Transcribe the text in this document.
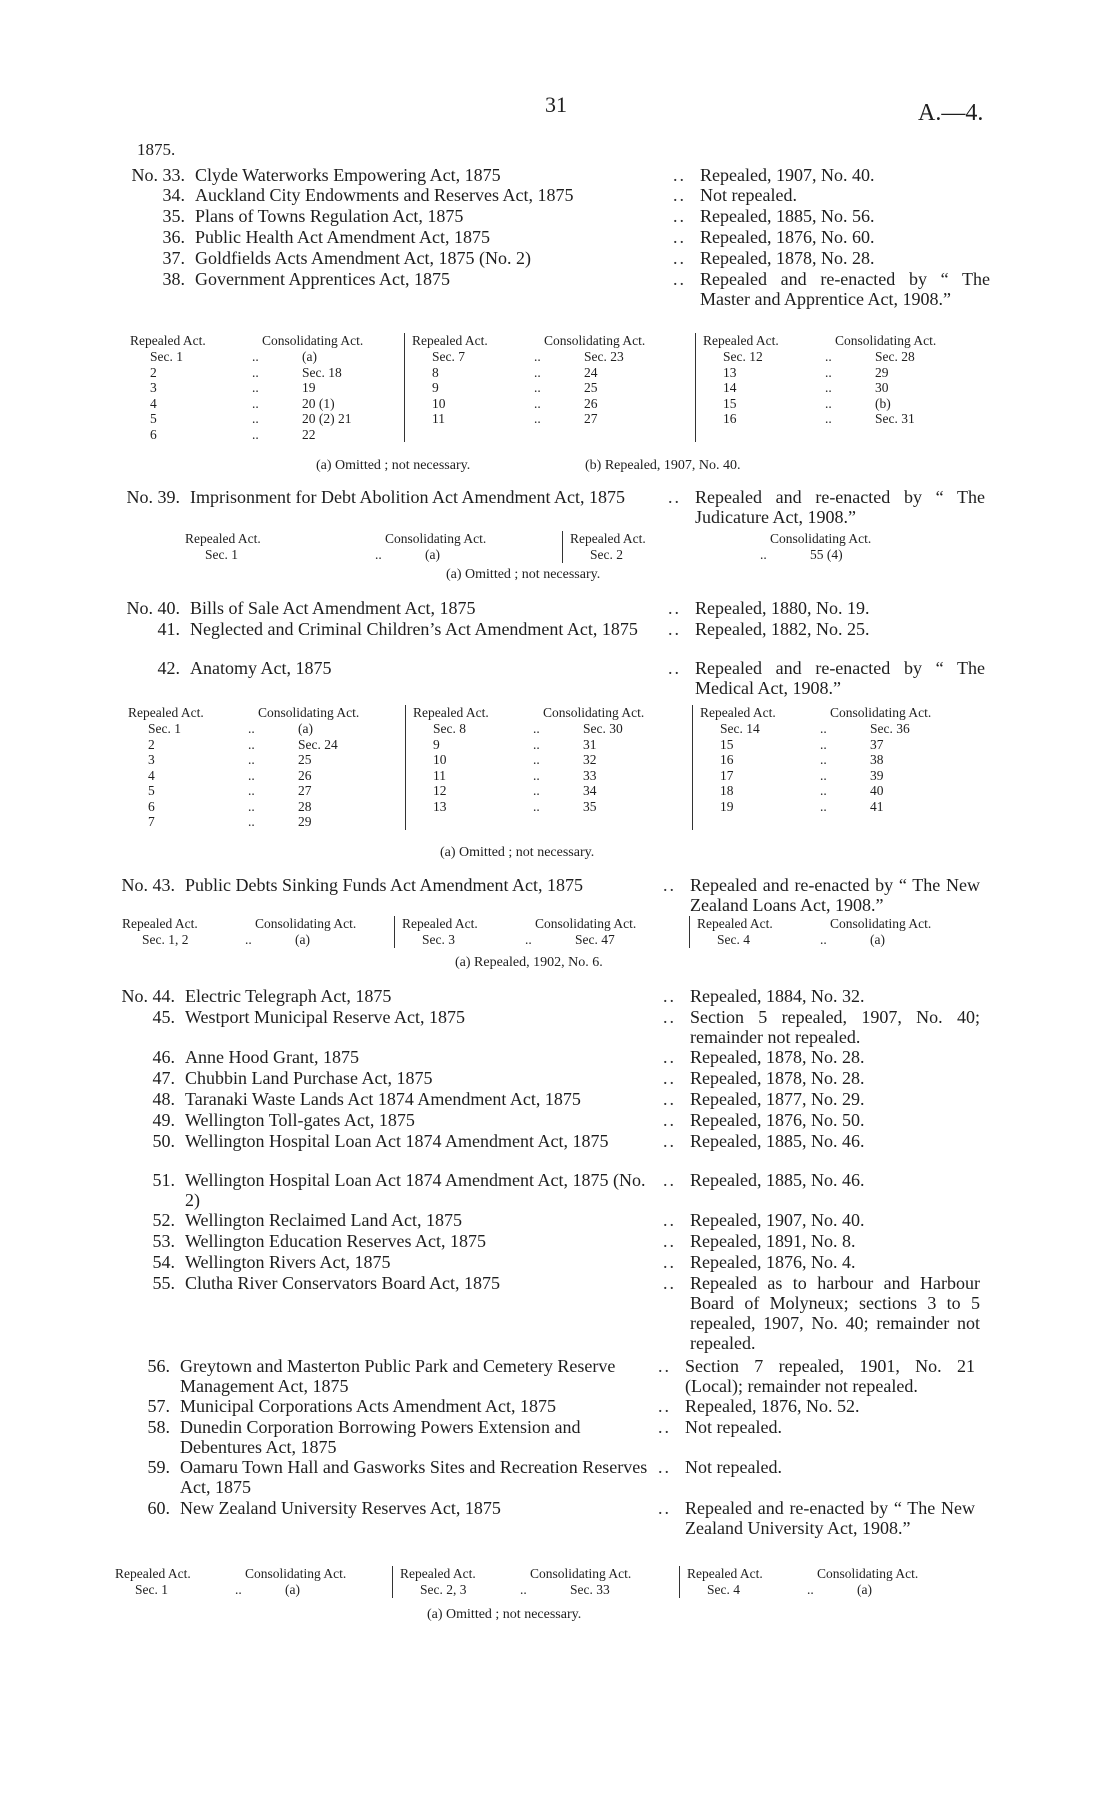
31	A.—4.
1875.
No. 33. Clyde Waterworks Empowering Act, 1875	.. Repealed, 1907, No. 40.
34. Auckland City Endowments and Reserves Act, 1875	.. Not repealed.
35. Plans of Towns Regulation Act, 1875	.. Repealed, 1885, No. 56.
36. Public Health Act Amendment Act, 1875	.. Repealed, 1876, No. 60.
37. Goldfields Acts Amendment Act, 1875 (No. 2)	.. Repealed, 1878, No. 28.
38. Government Apprentices Act, 1875	.. Repealed and re-enacted by “ The Master and Apprentice Act, 1908.”
No. 39. Imprisonment for Debt Abolition Act Amendment Act, 1875	.. Repealed and re-enacted by “ The Judicature Act, 1908.”
No. 40. Bills of Sale Act Amendment Act, 1875	.. Repealed, 1880, No. 19.
41. Neglected and Criminal Children’s Act Amendment Act, 1875	.. Repealed, 1882, No. 25.
42. Anatomy Act, 1875	.. Repealed and re-enacted by “ The Medical Act, 1908.”
No. 43. Public Debts Sinking Funds Act Amendment Act, 1875	.. Repealed and re-enacted by “ The New Zealand Loans Act, 1908.”
No. 44. Electric Telegraph Act, 1875	.. Repealed, 1884, No. 32.
45. Westport Municipal Reserve Act, 1875	.. Section 5 repealed, 1907, No. 40; remainder not repealed.
46. Anne Hood Grant, 1875	.. Repealed, 1878, No. 28.
47. Chubbin Land Purchase Act, 1875	.. Repealed, 1878, No. 28.
48. Taranaki Waste Lands Act 1874 Amendment Act, 1875	.. Repealed, 1877, No. 29.
49. Wellington Toll-gates Act, 1875	.. Repealed, 1876, No. 50.
50. Wellington Hospital Loan Act 1874 Amendment Act, 1875	.. Repealed, 1885, No. 46.
51. Wellington Hospital Loan Act 1874 Amendment Act, 1875 (No. 2)
.. Repealed, 1885, No. 46.
52. Wellington Reclaimed Land Act, 1875	.. Repealed, 1907, No. 40.
53. Wellington Education Reserves Act, 1875	.. Repealed, 1891, No. 8.
54. Wellington Rivers Act, 1875	.. Repealed, 1876, No. 4.
55. Clutha River Conservators Board Act, 1875	.. Repealed as to harbour and Harbour Board of Molyneux; sections 3 to 5 repealed, 1907, No. 40; remainder not repealed.
56. Greytown and Masterton Public Park and Cemetery Reserve Management Act, 1875
.. Section 7 repealed, 1901, No. 21 (Local); remainder not repealed.
57. Municipal Corporations Acts Amendment Act, 1875	.. Repealed, 1876, No. 52.
58. Dunedin Corporation Borrowing Powers Extension and Debentures Act, 1875
.. Not repealed.
59. Oamaru Town Hall and Gasworks Sites and Recreation Reserves Act, 1875
.. Not repealed.
60. New Zealand University Reserves Act, 1875	.. Repealed and re-enacted by “ The New Zealand University Act, 1908.”
Repealed Act.	Consolidating Act.
Sec. 1	..	(a)
2	..	Sec. 18
3	..	19
4	..	20 (1)
5	..	20 (2) 21
6	..	22
Repealed Act.	Consolidating Act.
Sec. 7	..	Sec. 23
8	..	24
9	..	25
10	..	26
11	..	27
Repealed Act.	Consolidating Act.
Sec. 12	..	Sec. 28
13	..	29
14	..	30
15	..	(b)
16	..	Sec. 31
(a) Omitted ; not necessary.	(b) Repealed, 1907, No. 40.
Repealed Act.	Consolidating Act.
Sec. 1	..	(a)
Repealed Act.	Consolidating Act.
Sec. 2	..	55 (4)
(a) Omitted ; not necessary.
Repealed Act.	Consolidating Act.
Sec. 1	..	(a)
2	..	Sec. 24
3	..	25
4	..	26
5	..	27
6	..	28
7	..	29
Repealed Act.	Consolidating Act.
Sec. 8	..	Sec. 30
9	..	31
10	..	32
11	..	33
12	..	34
13	..	35
Repealed Act.	Consolidating Act.
Sec. 14	..	Sec. 36
15	..	37
16	..	38
17	..	39
18	..	40
19	..	41
(a) Omitted ; not necessary.
Repealed Act.	Consolidating Act.
Sec. 1, 2	..	(a)
Repealed Act.	Consolidating Act.
Sec. 3	..	Sec. 47
Repealed Act.	Consolidating Act.
Sec. 4	..	(a)
(a) Repealed, 1902, No. 6.
Repealed Act.	Consolidating Act.
Sec. 1	..	(a)
Repealed Act.	Consolidating Act.
Sec. 2, 3	..	Sec. 33
Repealed Act.	Consolidating Act.
Sec. 4	..	(a)
(a) Omitted ; not necessary.
